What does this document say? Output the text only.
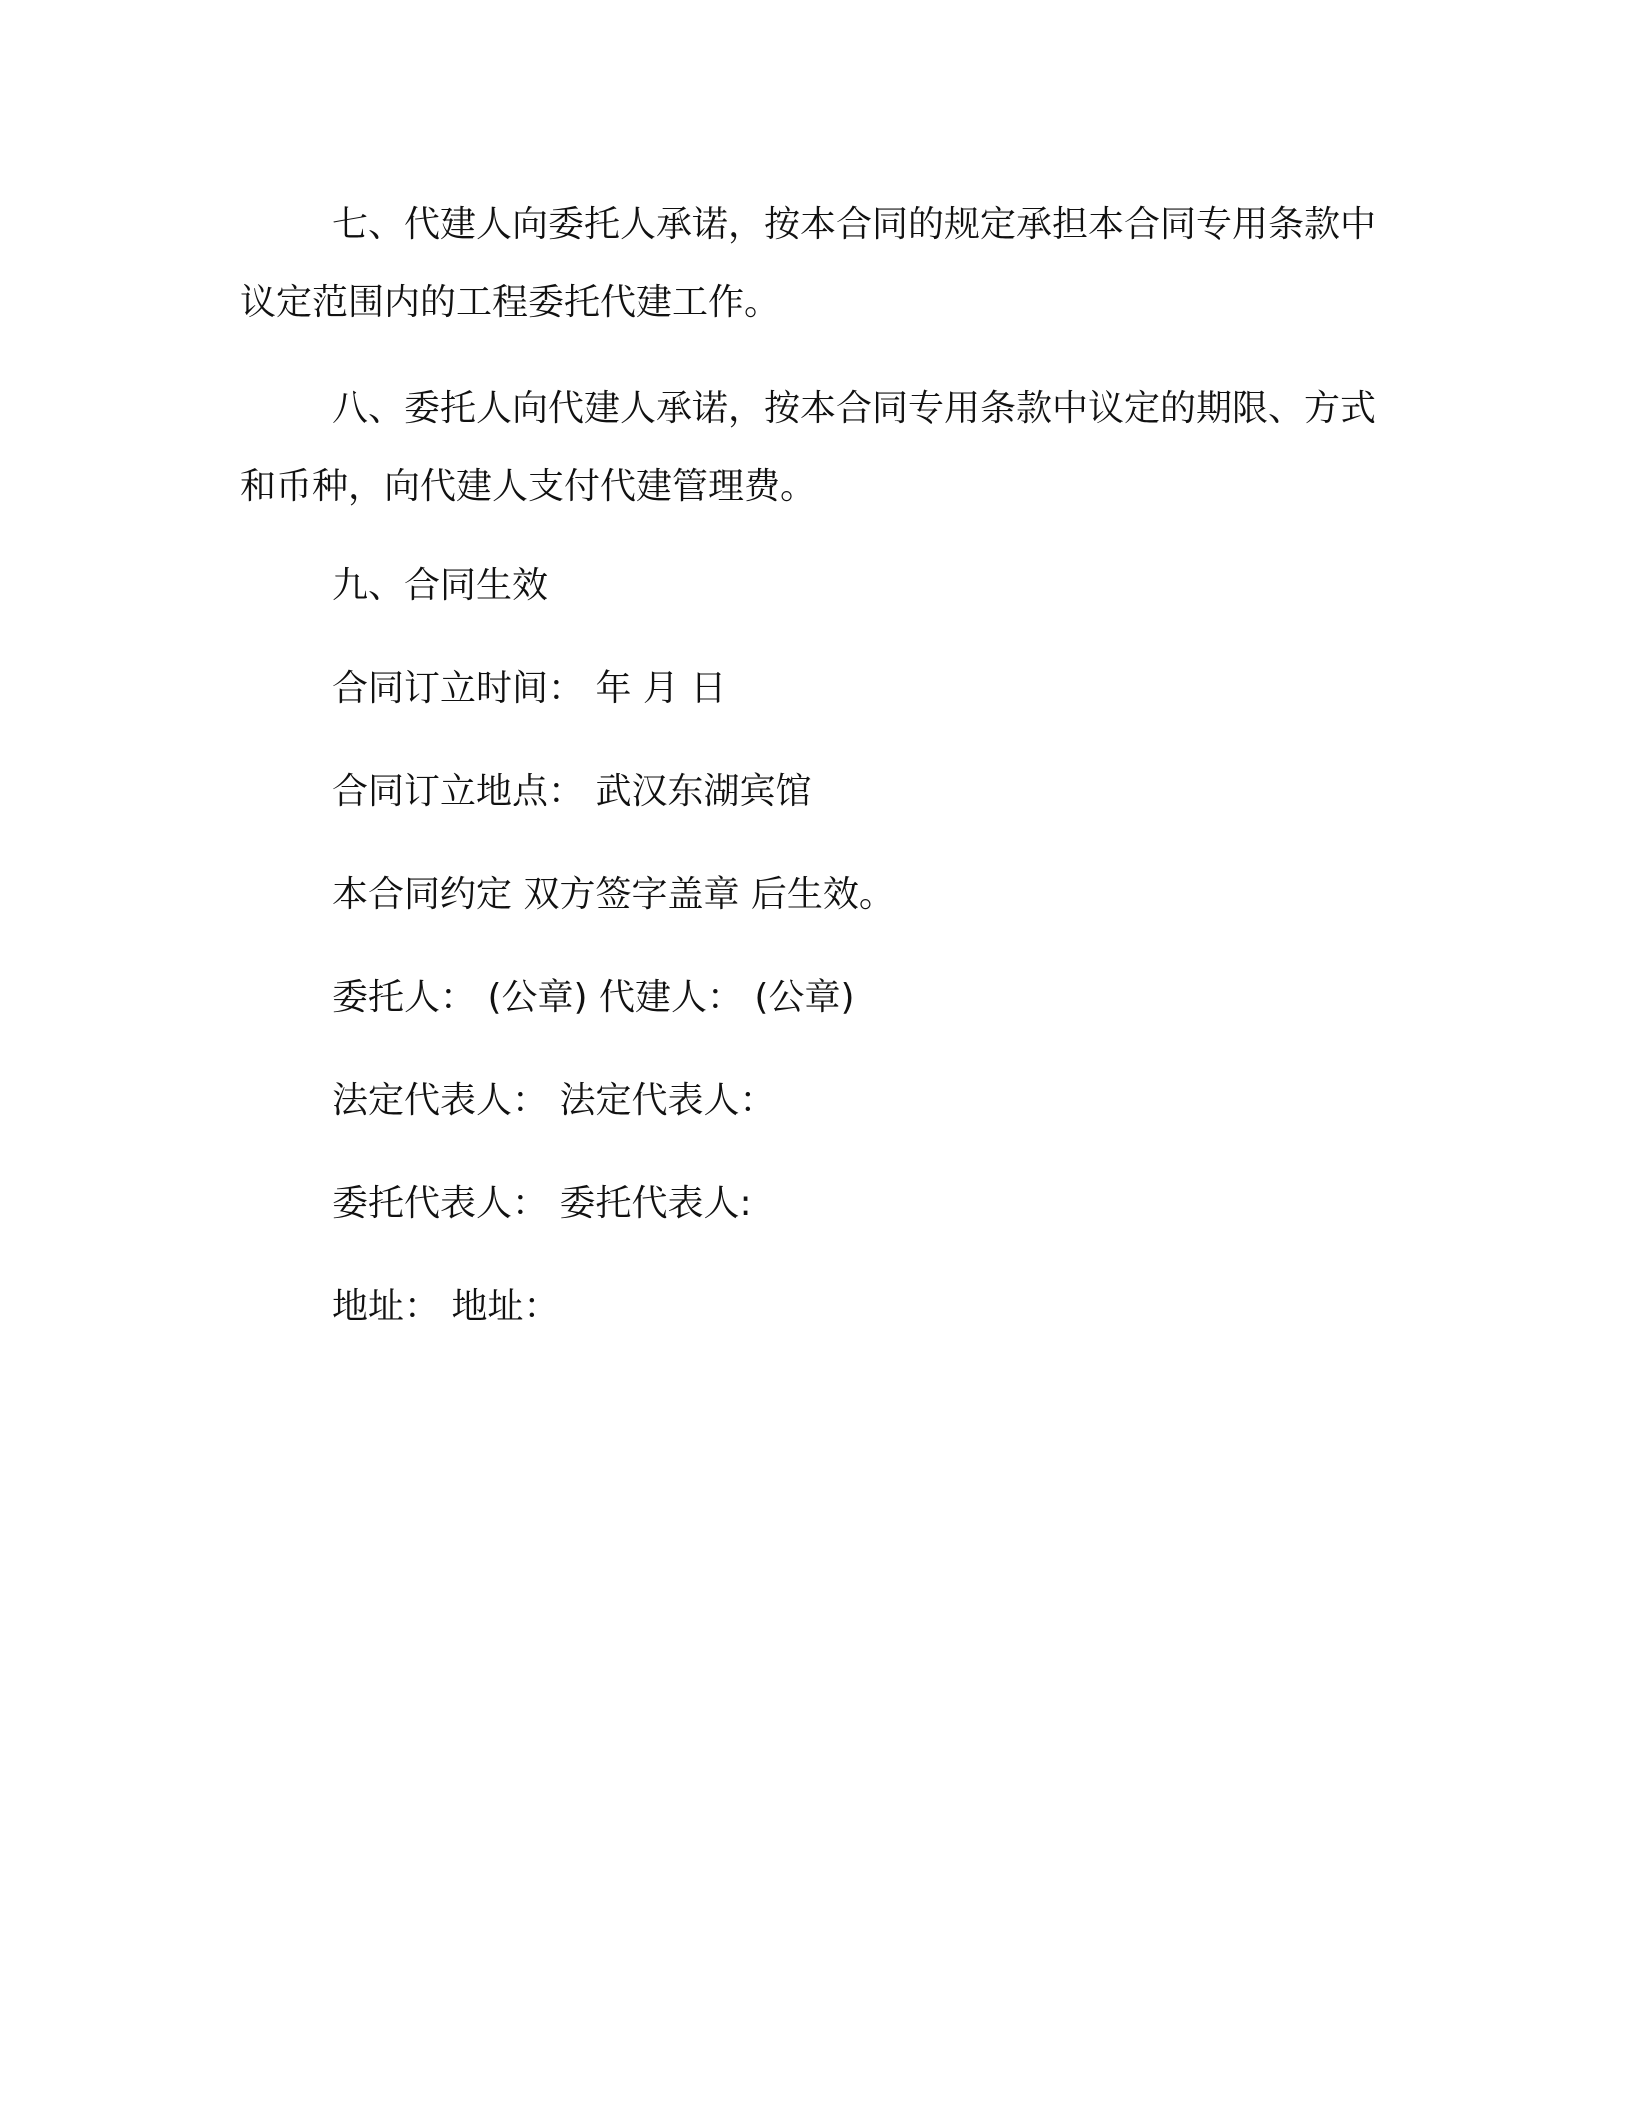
七、代建人向委托人承诺，按本合同的规定承担本合同专用条款中议定范围内的工程委托代建工作。

八、委托人向代建人承诺，按本合同专用条款中议定的期限、方式和币种，向代建人支付代建管理费。

九、合同生效

合同订立时间： 年 月 日

合同订立地点： 武汉东湖宾馆

本合同约定 双方签字盖章 后生效。

委托人： (公章) 代建人： (公章)

法定代表人： 法定代表人：

委托代表人： 委托代表人:

地址： 地址：
